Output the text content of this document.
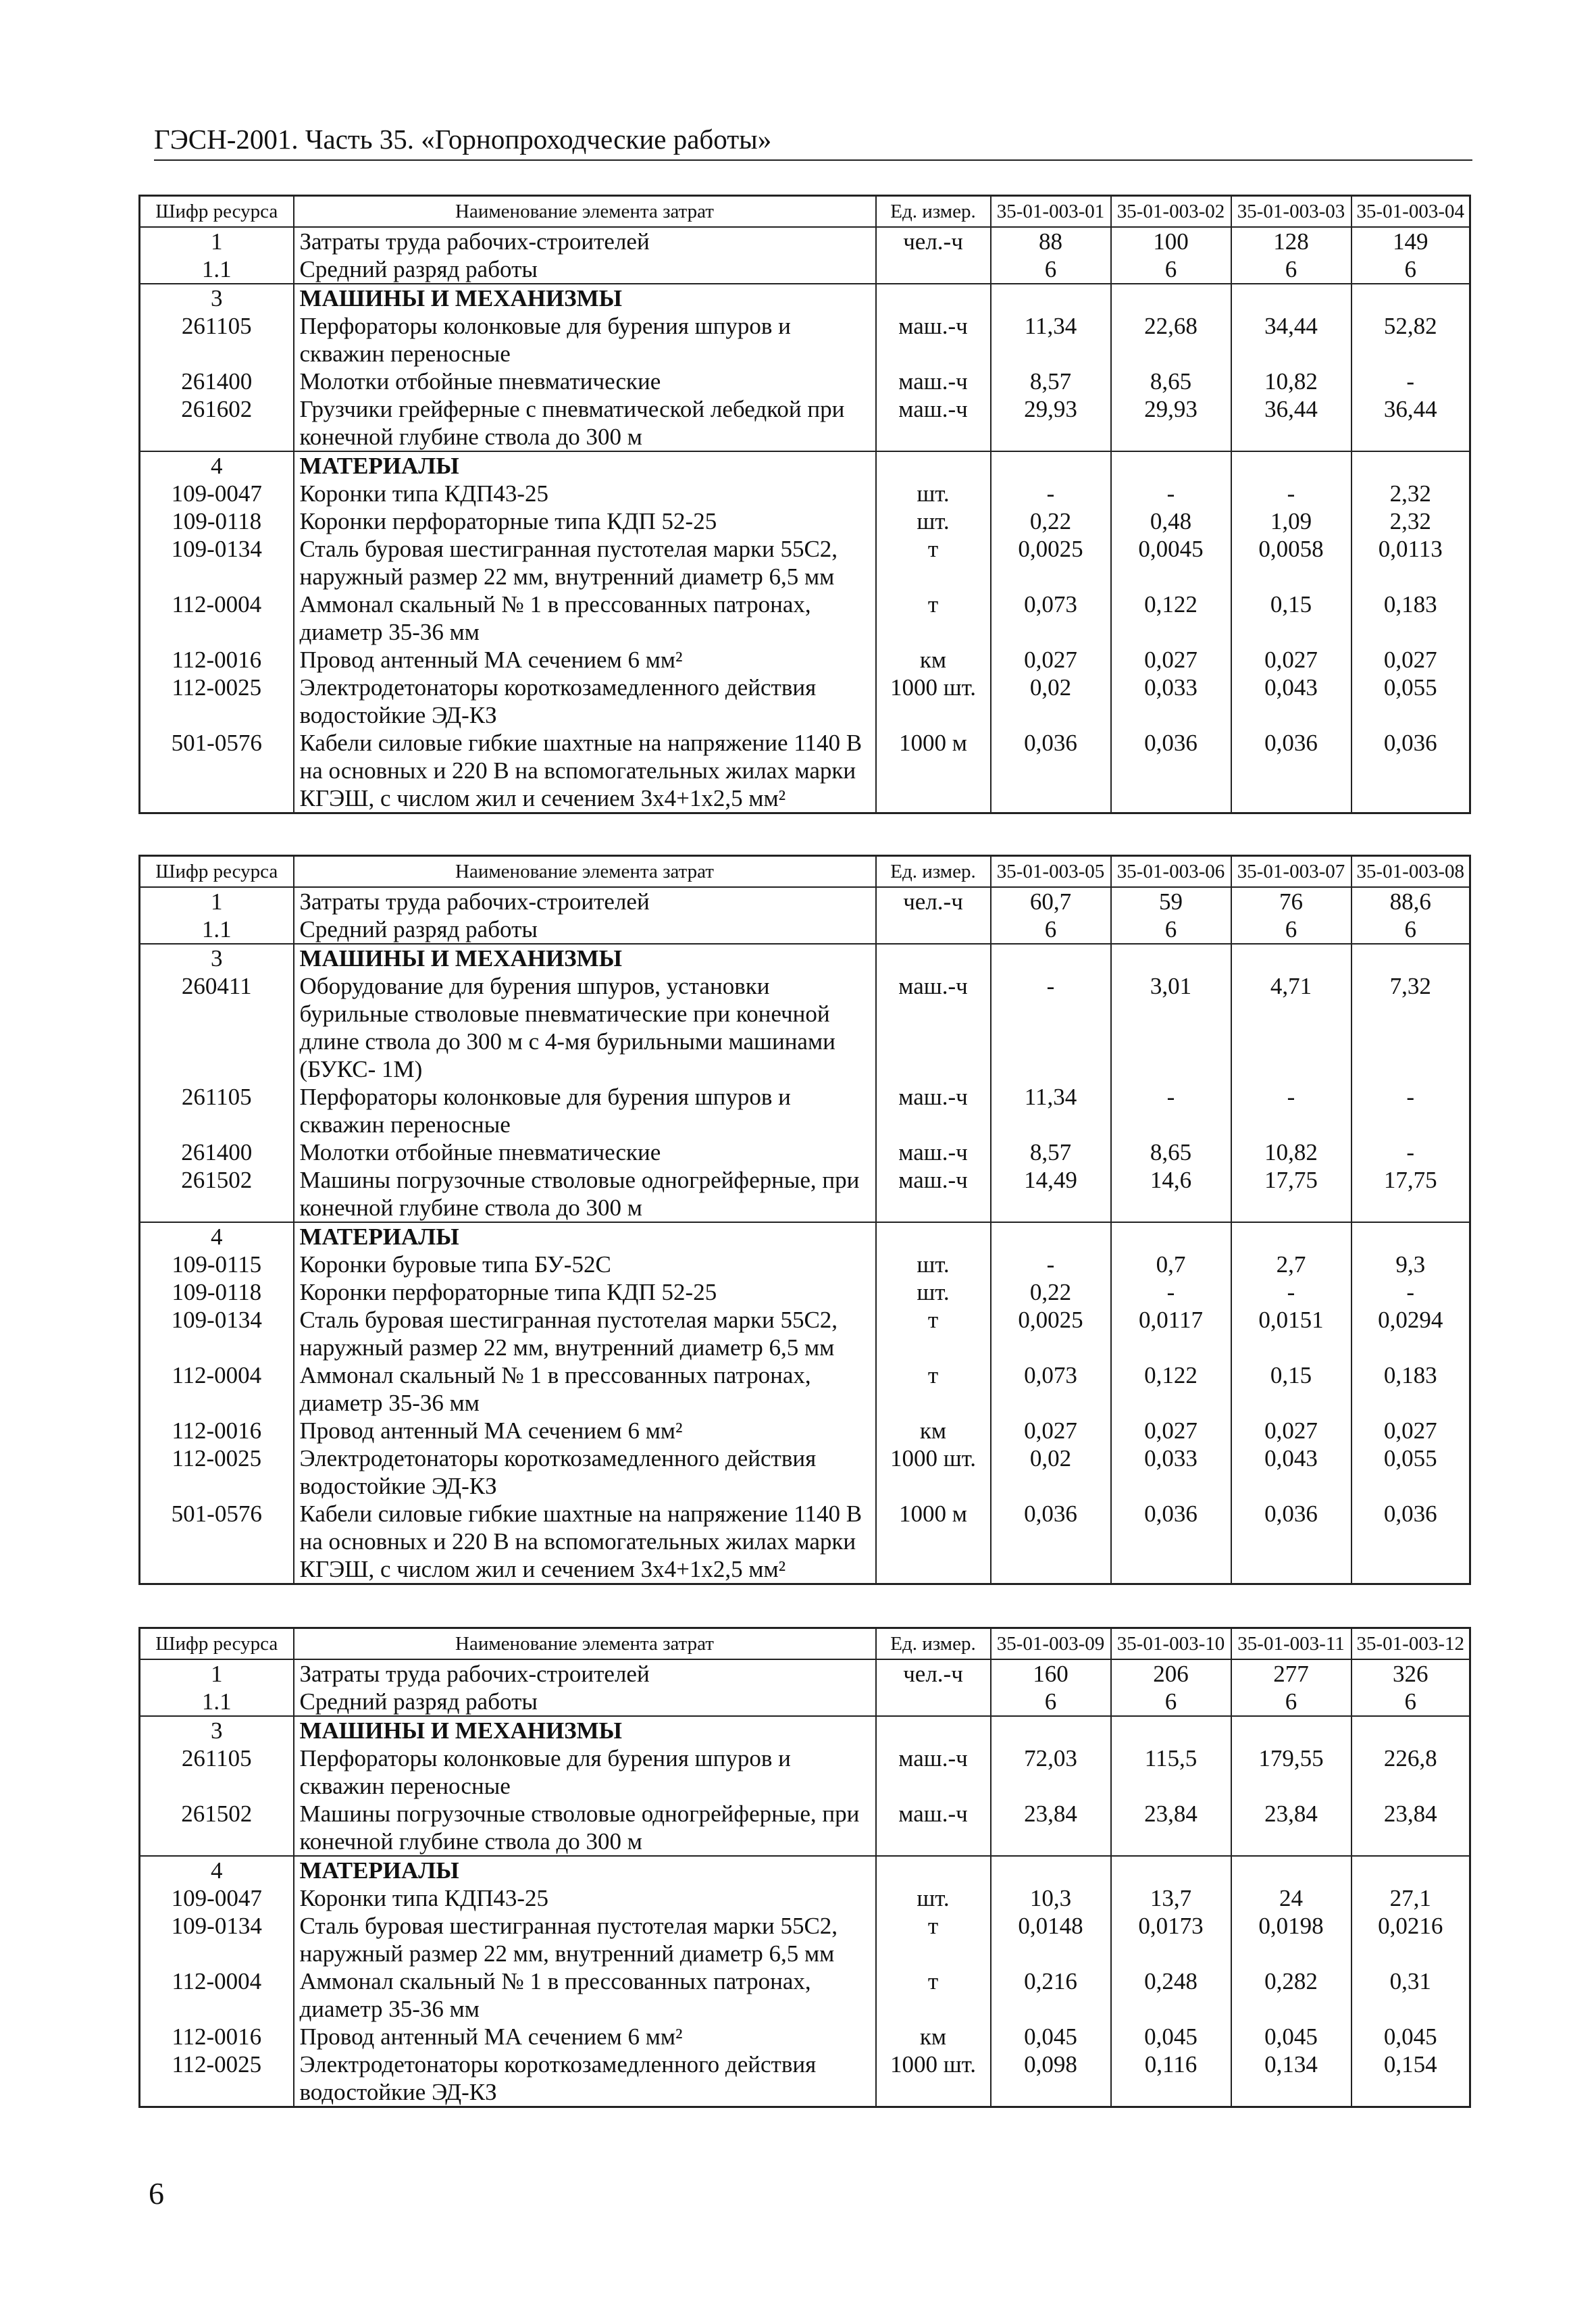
ГЭСН-2001. Часть 35. «Горнопроходческие работы»
Шифр ресурса	Наименование элемента затрат	Ед. измер.	35-01-003-01	35-01-003-02	35-01-003-03	35-01-003-04
1	Затраты труда рабочих-строителей	чел.-ч	88	100	128	149
1.1	Средний разряд работы		6	6	6	6
3	МАШИНЫ И МЕХАНИЗМЫ					
261105	Перфораторы колонковые для бурения шпуров и скважин переносные	маш.-ч	11,34	22,68	34,44	52,82
261400	Молотки отбойные пневматические	маш.-ч	8,57	8,65	10,82	-
261602	Грузчики грейферные с пневматической лебедкой при конечной глубине ствола до 300 м	маш.-ч	29,93	29,93	36,44	36,44
4	МАТЕРИАЛЫ					
109-0047	Коронки типа КДП43-25	шт.	-	-	-	2,32
109-0118	Коронки перфораторные типа КДП 52-25	шт.	0,22	0,48	1,09	2,32
109-0134	Сталь буровая шестигранная пустотелая марки 55С2, наружный размер 22 мм, внутренний диаметр 6,5 мм	т	0,0025	0,0045	0,0058	0,0113
112-0004	Аммонал скальный № 1 в прессованных патронах, диаметр 35-36 мм	т	0,073	0,122	0,15	0,183
112-0016	Провод антенный МА сечением 6 мм²	км	0,027	0,027	0,027	0,027
112-0025	Электродетонаторы короткозамедленного действия водостойкие ЭД-КЗ	1000 шт.	0,02	0,033	0,043	0,055
501-0576	Кабели силовые гибкие шахтные на напряжение 1140 В на основных и 220 В на вспомогательных жилах марки КГЭШ, с числом жил и сечением 3х4+1х2,5 мм²	1000 м	0,036	0,036	0,036	0,036
Шифр ресурса	Наименование элемента затрат	Ед. измер.	35-01-003-05	35-01-003-06	35-01-003-07	35-01-003-08
1	Затраты труда рабочих-строителей	чел.-ч	60,7	59	76	88,6
1.1	Средний разряд работы		6	6	6	6
3	МАШИНЫ И МЕХАНИЗМЫ					
260411	Оборудование для бурения шпуров, установки бурильные стволовые пневматические при конечной длине ствола до 300 м с 4-мя бурильными машинами (БУКС- 1М)	маш.-ч	-	3,01	4,71	7,32
261105	Перфораторы колонковые для бурения шпуров и скважин переносные	маш.-ч	11,34	-	-	-
261400	Молотки отбойные пневматические	маш.-ч	8,57	8,65	10,82	-
261502	Машины погрузочные стволовые одногрейферные, при конечной глубине ствола до 300 м	маш.-ч	14,49	14,6	17,75	17,75
4	МАТЕРИАЛЫ					
109-0115	Коронки буровые типа БУ-52С	шт.	-	0,7	2,7	9,3
109-0118	Коронки перфораторные типа КДП 52-25	шт.	0,22	-	-	-
109-0134	Сталь буровая шестигранная пустотелая марки 55С2, наружный размер 22 мм, внутренний диаметр 6,5 мм	т	0,0025	0,0117	0,0151	0,0294
112-0004	Аммонал скальный № 1 в прессованных патронах, диаметр 35-36 мм	т	0,073	0,122	0,15	0,183
112-0016	Провод антенный МА сечением 6 мм²	км	0,027	0,027	0,027	0,027
112-0025	Электродетонаторы короткозамедленного действия водостойкие ЭД-КЗ	1000 шт.	0,02	0,033	0,043	0,055
501-0576	Кабели силовые гибкие шахтные на напряжение 1140 В на основных и 220 В на вспомогательных жилах марки КГЭШ, с числом жил и сечением 3х4+1х2,5 мм²	1000 м	0,036	0,036	0,036	0,036
Шифр ресурса	Наименование элемента затрат	Ед. измер.	35-01-003-09	35-01-003-10	35-01-003-11	35-01-003-12
1	Затраты труда рабочих-строителей	чел.-ч	160	206	277	326
1.1	Средний разряд работы		6	6	6	6
3	МАШИНЫ И МЕХАНИЗМЫ					
261105	Перфораторы колонковые для бурения шпуров и скважин переносные	маш.-ч	72,03	115,5	179,55	226,8
261502	Машины погрузочные стволовые одногрейферные, при конечной глубине ствола до 300 м	маш.-ч	23,84	23,84	23,84	23,84
4	МАТЕРИАЛЫ					
109-0047	Коронки типа КДП43-25	шт.	10,3	13,7	24	27,1
109-0134	Сталь буровая шестигранная пустотелая марки 55С2, наружный размер 22 мм, внутренний диаметр 6,5 мм	т	0,0148	0,0173	0,0198	0,0216
112-0004	Аммонал скальный № 1 в прессованных патронах, диаметр 35-36 мм	т	0,216	0,248	0,282	0,31
112-0016	Провод антенный МА сечением 6 мм²	км	0,045	0,045	0,045	0,045
112-0025	Электродетонаторы короткозамедленного действия водостойкие ЭД-КЗ	1000 шт.	0,098	0,116	0,134	0,154
6
